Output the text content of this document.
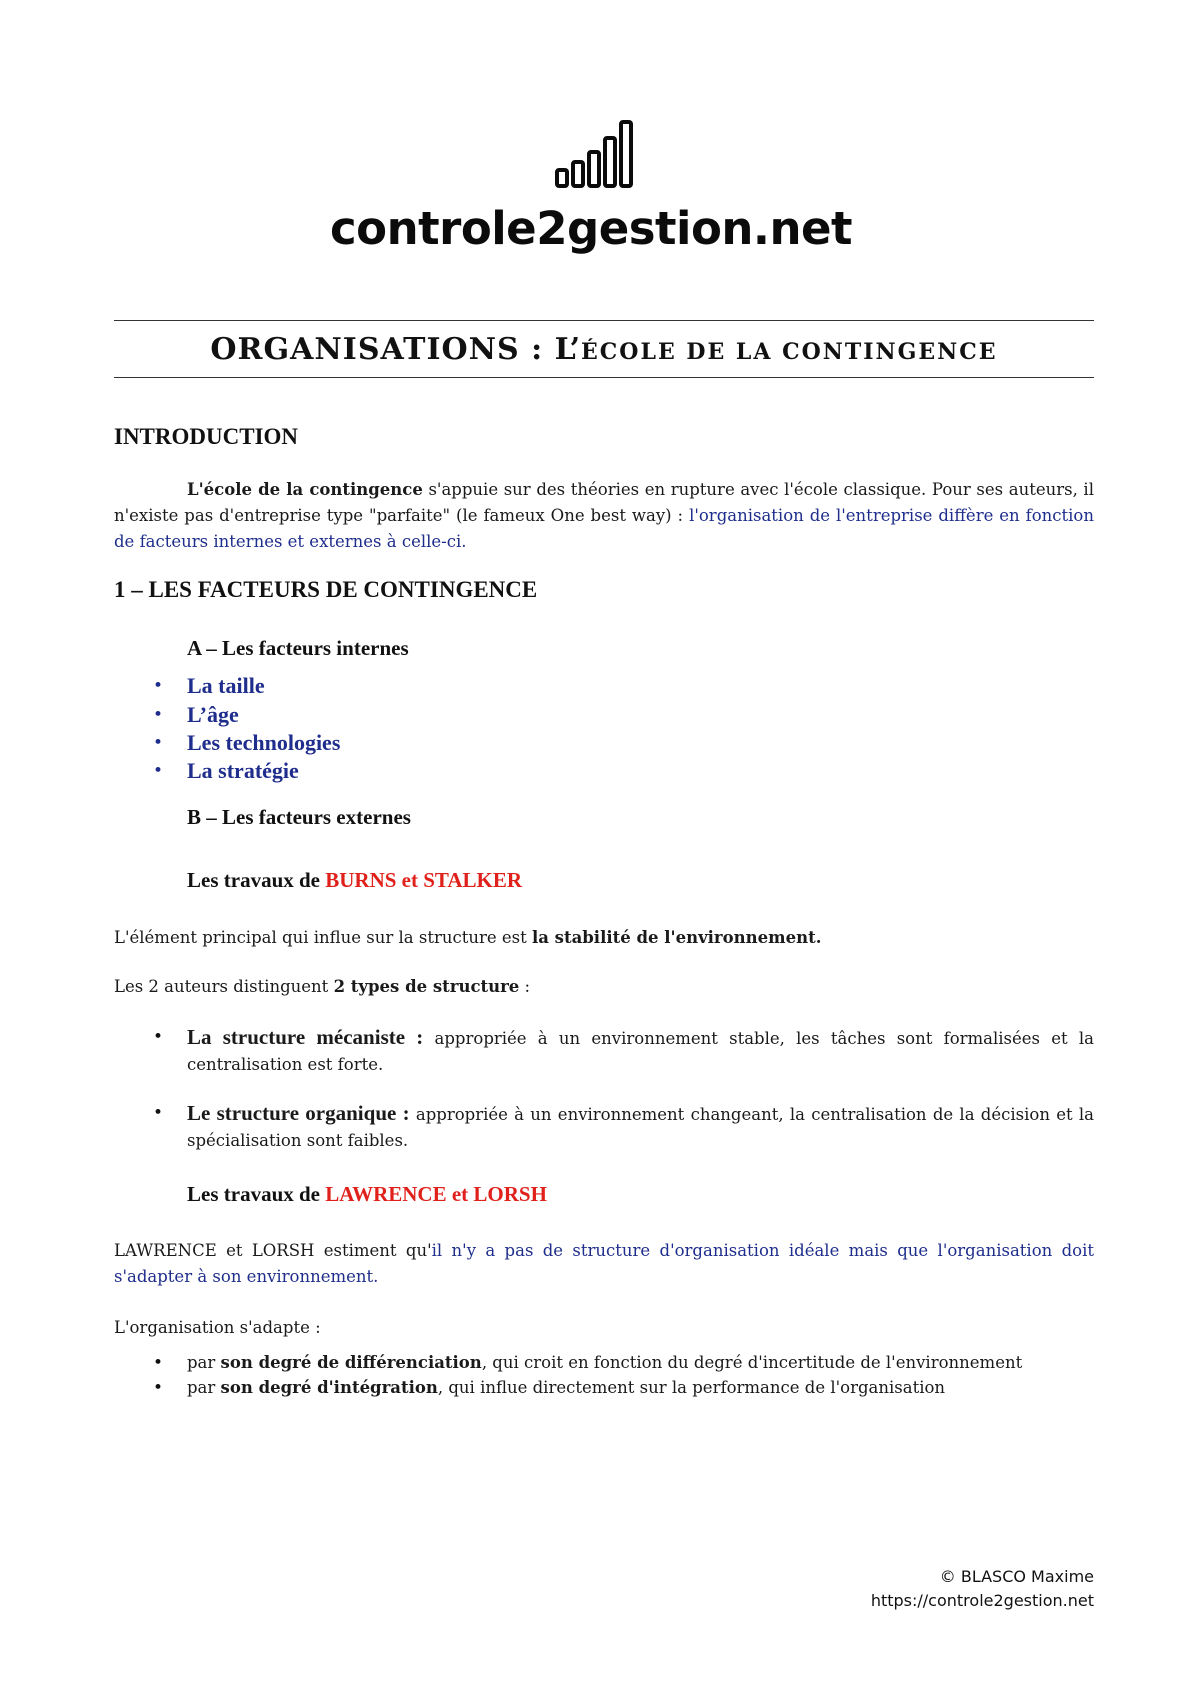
controle2gestion.net
ORGANISATIONS : L’ÉCOLE DE LA CONTINGENCE
INTRODUCTION
L'école de la contingence s'appuie sur des théories en rupture avec l'école classique. Pour ses auteurs, il n'existe pas d'entreprise type "parfaite" (le fameux One best way) : l'organisation de l'entreprise diffère en fonction de facteurs internes et externes à celle-ci.
1 – LES FACTEURS DE CONTINGENCE
A – Les facteurs internes
• La taille
• L’âge
• Les technologies
• La stratégie
B – Les facteurs externes
Les travaux de BURNS et STALKER
L'élément principal qui influe sur la structure est la stabilité de l'environnement.
Les 2 auteurs distinguent 2 types de structure :
• La structure mécaniste : appropriée à un environnement stable, les tâches sont formalisées et la centralisation est forte.
• Le structure organique : appropriée à un environnement changeant, la centralisation de la décision et la spécialisation sont faibles.
Les travaux de LAWRENCE et LORSH
LAWRENCE et LORSH estiment qu'il n'y a pas de structure d'organisation idéale mais que l'organisation doit s'adapter à son environnement.
L'organisation s'adapte :
• par son degré de différenciation, qui croit en fonction du degré d'incertitude de l'environnement
• par son degré d'intégration, qui influe directement sur la performance de l'organisation
© BLASCO Maxime
https://controle2gestion.net
